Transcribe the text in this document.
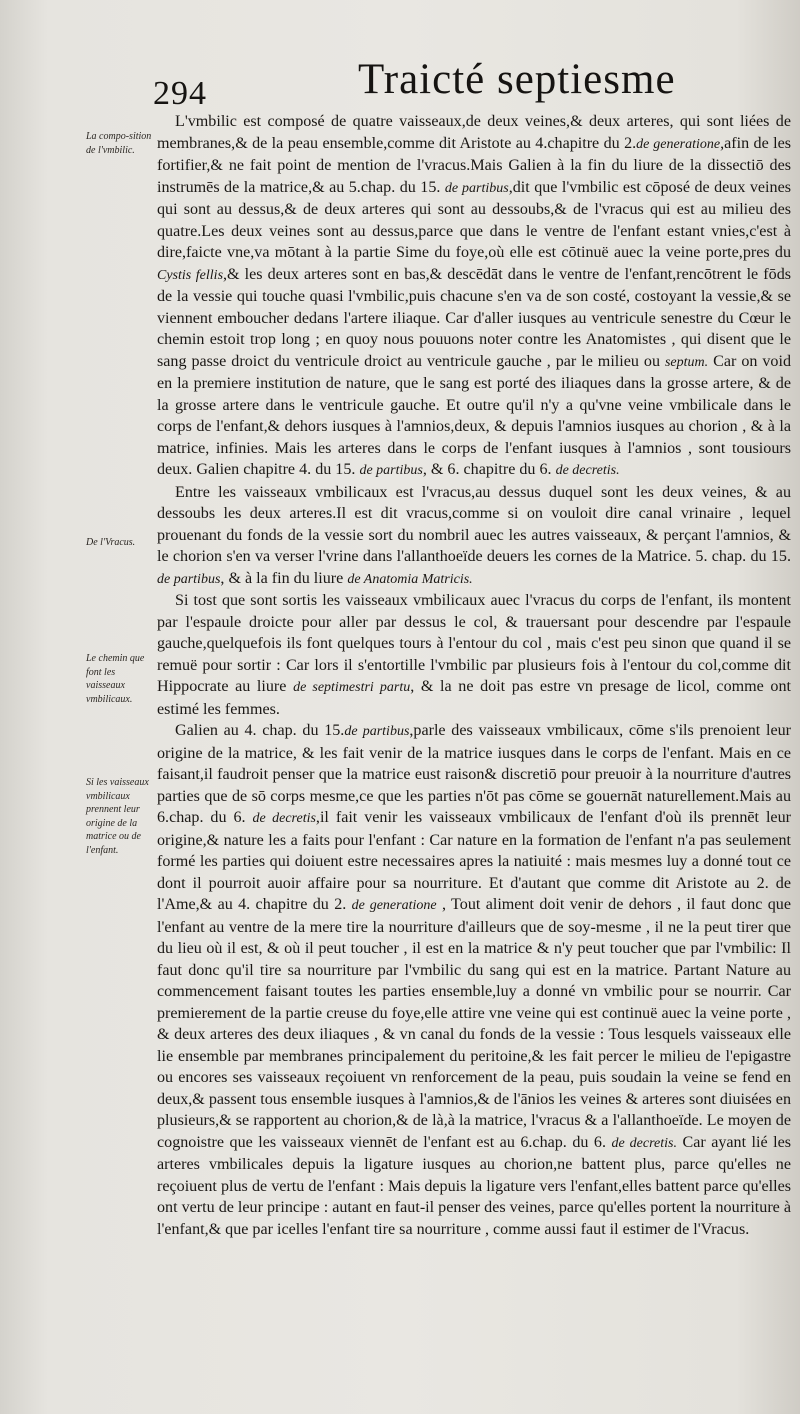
294	Traicté septiesme
La compo-sition de l'vmbilic.
De l'Vracus.
Le chemin que font les vaisseaux vmbilicaux.
Si les vaisseaux vmbilicaux prennent leur origine de la matrice ou de l'enfant.

L'vmbilic est composé de quatre vaisseaux,de deux veines,& deux arteres, qui sont liées de membranes,& de la peau ensemble,comme dit Aristote au 4.chapitre du 2.de generatione,afin de les fortifier,& ne fait point de mention de l'vracus.Mais Galien à la fin du liure de la dissectiō des instrumēs de la matrice,& au 5.chap. du 15. de partibus,dit que l'vmbilic est cōposé de deux veines qui sont au dessus,& de deux arteres qui sont au dessoubs,& de l'vracus qui est au milieu des quatre.Les deux veines sont au dessus,parce que dans le ventre de l'enfant estant vnies,c'est à dire,faicte vne,va mōtant à la partie Sime du foye,où elle est cōtinuë auec la veine porte,pres du Cystis fellis,& les deux arteres sont en bas,& descēdāt dans le ventre de l'enfant,rencōtrent le fōds de la vessie qui touche quasi l'vmbilic,puis chacune s'en va de son costé, costoyant la vessie,& se viennent emboucher dedans l'artere iliaque. Car d'aller iusques au ventricule senestre du Cœur le chemin estoit trop long ; en quoy nous pouuons noter contre les Anatomistes , qui disent que le sang passe droict du ventricule droict au ventricule gauche , par le milieu ou septum. Car on void en la premiere institution de nature, que le sang est porté des iliaques dans la grosse artere, & de la grosse artere dans le ventricule gauche. Et outre qu'il n'y a qu'vne veine vmbilicale dans le corps de l'enfant,& dehors iusques à l'amnios,deux, & depuis l'amnios iusques au chorion , & à la matrice, infinies. Mais les arteres dans le corps de l'enfant iusques à l'amnios , sont tousiours deux. Galien chapitre 4. du 15. de partibus, & 6. chapitre du 6. de decretis.

Entre les vaisseaux vmbilicaux est l'vracus,au dessus duquel sont les deux veines, & au dessoubs les deux arteres.Il est dit vracus,comme si on vouloit dire canal vrinaire , lequel prouenant du fonds de la vessie sort du nombril auec les autres vaisseaux, & perçant l'amnios, & le chorion s'en va verser l'vrine dans l'allanthoeïde deuers les cornes de la Matrice. 5. chap. du 15. de partibus, & à la fin du liure de Anatomia Matricis.

Si tost que sont sortis les vaisseaux vmbilicaux auec l'vracus du corps de l'enfant, ils montent par l'espaule droicte pour aller par dessus le col, & trauersant pour descendre par l'espaule gauche,quelquefois ils font quelques tours à l'entour du col , mais c'est peu sinon que quand il se remuë pour sortir : Car lors il s'entortille l'vmbilic par plusieurs fois à l'entour du col,comme dit Hippocrate au liure de septimestri partu, & la ne doit pas estre vn presage de licol, comme ont estimé les femmes.

Galien au 4. chap. du 15.de partibus,parle des vaisseaux vmbilicaux, cōme s'ils prenoient leur origine de la matrice, & les fait venir de la matrice iusques dans le corps de l'enfant. Mais en ce faisant,il faudroit penser que la matrice eust raison& discretiō pour preuoir à la nourriture d'autres parties que de sō corps mesme,ce que les parties n'ōt pas cōme se gouernāt naturellement.Mais au 6.chap. du 6. de decretis,il fait venir les vaisseaux vmbilicaux de l'enfant d'où ils prennēt leur origine,& nature les a faits pour l'enfant : Car nature en la formation de l'enfant n'a pas seulement formé les parties qui doiuent estre necessaires apres la natiuité : mais mesmes luy a donné tout ce dont il pourroit auoir affaire pour sa nourriture. Et d'autant que comme dit Aristote au 2. de l'Ame,& au 4. chapitre du 2. de generatione , Tout aliment doit venir de dehors , il faut donc que l'enfant au ventre de la mere tire la nourriture d'ailleurs que de soy-mesme , il ne la peut tirer que du lieu où il est, & où il peut toucher , il est en la matrice & n'y peut toucher que par l'vmbilic: Il faut donc qu'il tire sa nourriture par l'vmbilic du sang qui est en la matrice. Partant Nature au commencement faisant toutes les parties ensemble,luy a donné vn vmbilic pour se nourrir. Car premierement de la partie creuse du foye,elle attire vne veine qui est continuë auec la veine porte , & deux arteres des deux iliaques , & vn canal du fonds de la vessie : Tous lesquels vaisseaux elle lie ensemble par membranes principalement du peritoine,& les fait percer le milieu de l'epigastre ou encores ses vaisseaux reçoiuent vn renforcement de la peau, puis soudain la veine se fend en deux,& passent tous ensemble iusques à l'amnios,& de l'ānios les veines & arteres sont diuisées en plusieurs,& se rapportent au chorion,& de là,à la matrice, l'vracus & a l'allanthoeïde. Le moyen de cognoistre que les vaisseaux viennēt de l'enfant est au 6.chap. du 6. de decretis. Car ayant lié les arteres vmbilicales depuis la ligature iusques au chorion,ne battent plus, parce qu'elles ne reçoiuent plus de vertu de l'enfant : Mais depuis la ligature vers l'enfant,elles battent parce qu'elles ont vertu de leur principe : autant en faut-il penser des veines, parce qu'elles portent la nourriture à l'enfant,& que par icelles l'enfant tire sa nourriture , comme aussi faut il estimer de l'Vracus.
